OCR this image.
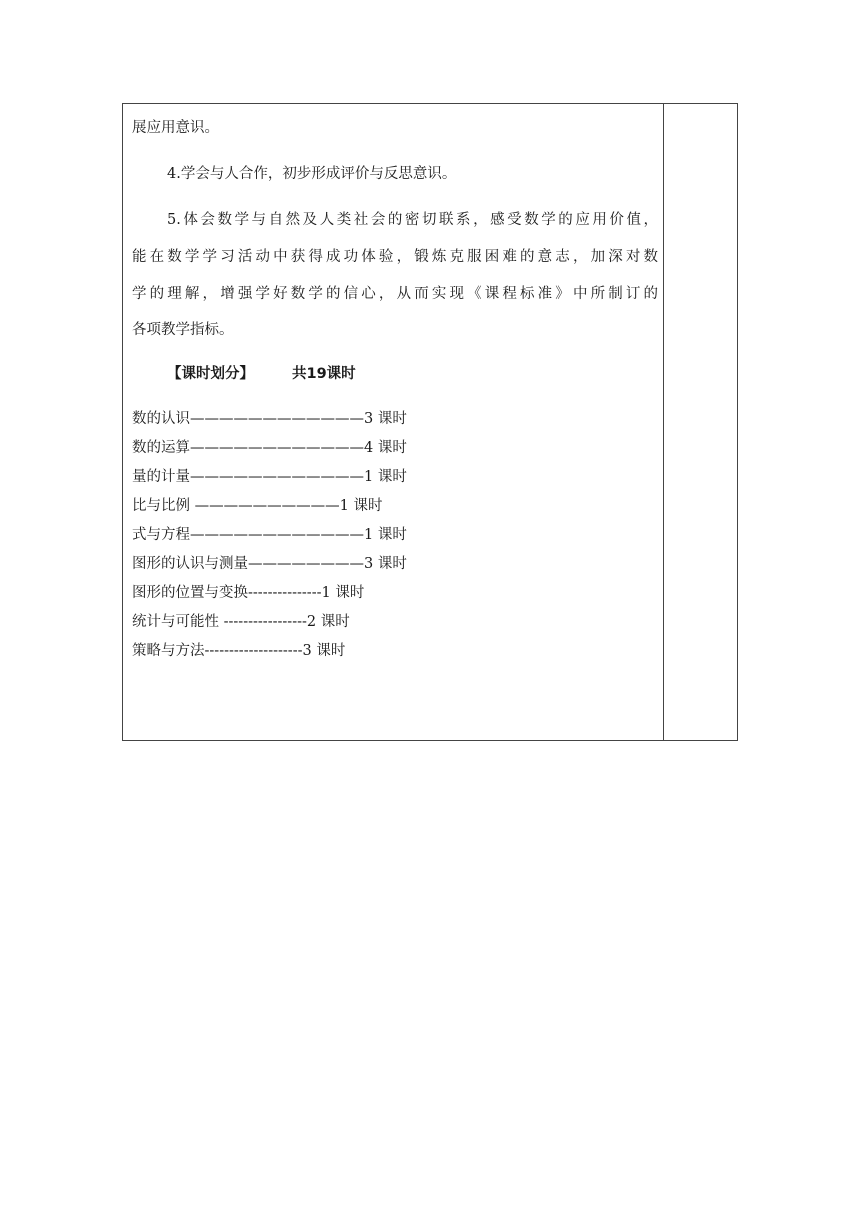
展应用意识。

4.学会与人合作，初步形成评价与反思意识。

5.体会数学与自然及人类社会的密切联系，感受数学的应用价值，

能在数学学习活动中获得成功体验，锻炼克服困难的意志，加深对数

学的理解，增强学好数学的信心，从而实现《课程标准》中所制订的

各项教学指标。

【课时划分】	共19课时
数的认识————————————3 课时
数的运算————————————4 课时
量的计量————————————1 课时
比与比例 ——————————1 课时
式与方程————————————1 课时
图形的认识与测量————————3 课时
图形的位置与变换---------------1 课时
统计与可能性 -----------------2 课时
策略与方法--------------------3 课时
